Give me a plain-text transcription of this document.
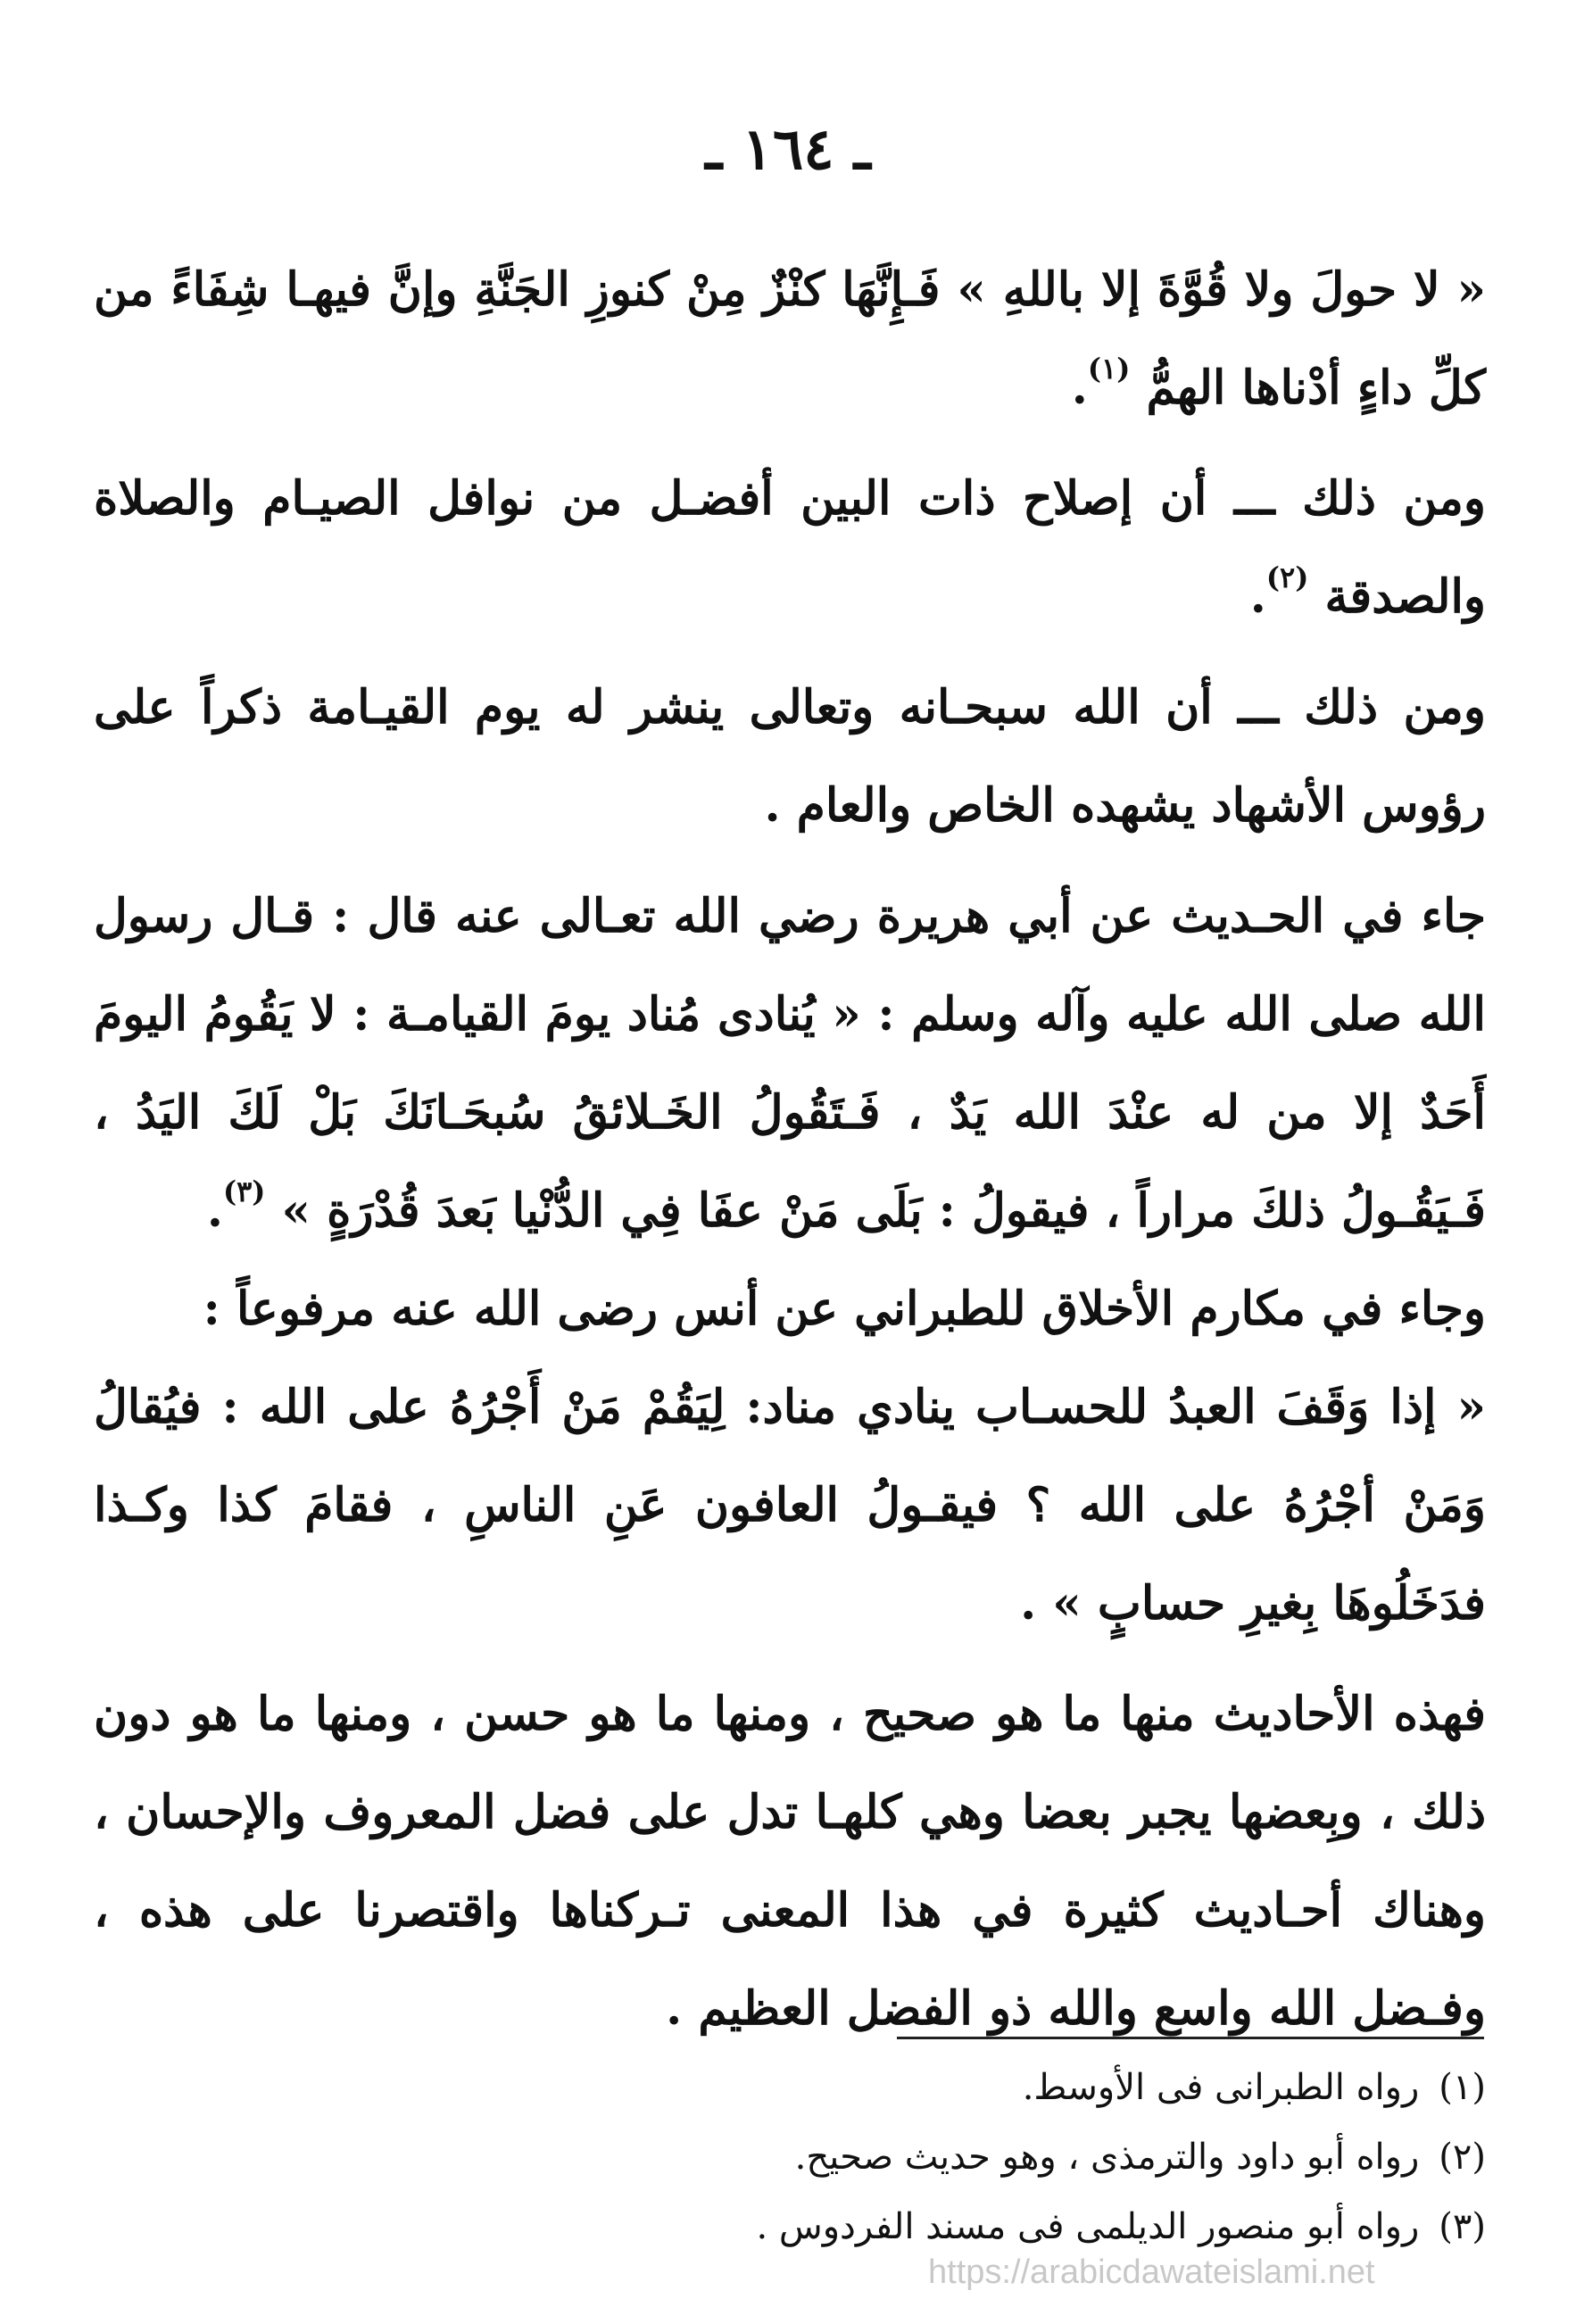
ـ ١٦٤ ـ

« لا حولَ ولا قُوَّةَ إلا باللهِ » فَـإِنَّهَا كنْزٌ مِنْ كنوزِ الجَنَّةِ وإنَّ فيهـا شِفَاءً من كلِّ داءٍ أدْناها الهمُّ $^{(١)}$.

ومن ذلك ـــ أن إصلاح ذات البين أفضـل من نوافل الصيـام والصلاة والصدقة $^{(٢)}$.

ومن ذلك ـــ أن الله سبحـانه وتعالى ينشر له يوم القيـامة ذكراً على رؤوس الأشهاد يشهده الخاص والعام .

جاء في الحـديث عن أبي هريرة رضي الله تعـالى عنه قال : قـال رسول الله صلى الله عليه وآله وسلم : « يُنادى مُناد يومَ القيامـة : لا يَقُومُ اليومَ أَحَدٌ إلا من له عنْدَ الله يَدٌ ، فَـتَقُولُ الخَـلائقُ سُبحَـانَكَ بَلْ لَكَ اليَدُ ، فَـيَقُـولُ ذلكَ مراراً ، فيقولُ : بَلَى مَنْ عفَا فِي الدُّنْيا بَعدَ قُدْرَةٍ » $^{(٣)}$.

وجاء في مكارم الأخلاق للطبراني عن أنس رضى الله عنه مرفوعاً :

« إذا وَقَفَ العبدُ للحسـاب ينادي مناد: لِيَقُمْ مَنْ أَجْرُهُ على الله : فيُقالُ وَمَنْ أجْرُهُ على الله ؟ فيقـولُ العافون عَنِ الناسِ ، فقامَ كذا وكـذا فدَخَلُوهَا بِغيرِ حسابٍ » .

فهذه الأحاديث منها ما هو صحيح ، ومنها ما هو حسن ، ومنها ما هو دون ذلك ، وبِعضها يجبر بعضا وهي كلهـا تدل على فضل المعروف والإحسان ، وهناك أحـاديث كثيرة في هذا المعنى تـركناها واقتصرنا على هذه ، وفـضل الله واسع والله ذو الفضل العظيم .

(١)رواه الطبرانى فى الأوسط.

(٢)رواه أبو داود والترمذى ، وهو حديث صحيح.

(٣)رواه أبو منصور الديلمى فى مسند الفردوس .

https://arabicdawateislami.net
